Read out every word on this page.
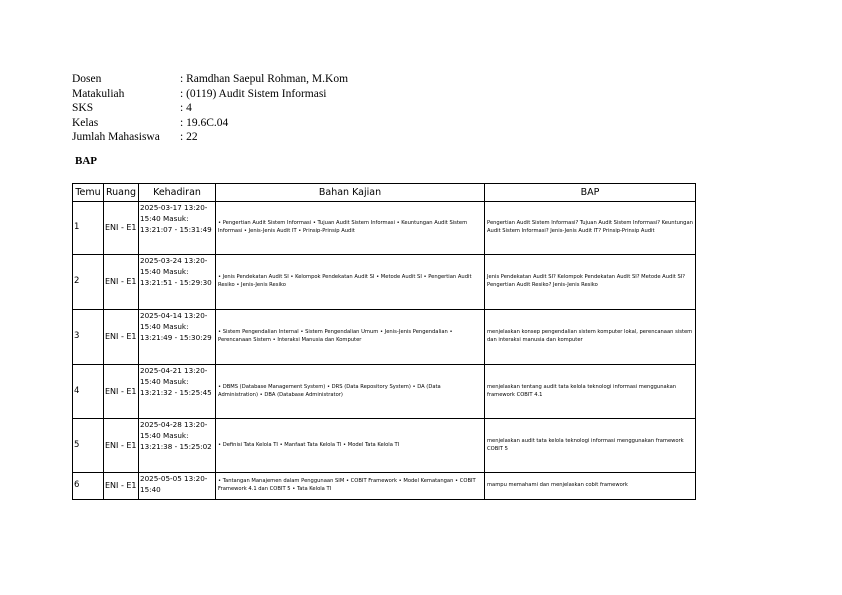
Dosen	: Ramdhan Saepul Rohman, M.Kom
Matakuliah	: (0119) Audit Sistem Informasi
SKS	: 4
Kelas	: 19.6C.04
Jumlah Mahasiswa	: 22
BAP
Temu	Ruang	Kehadiran	Bahan Kajian	BAP
1	ENI - E1	2025-03-17 13:20-15:40 Masuk: 13:21:07 - 15:31:49	• Pengertian Audit Sistem Informasi • Tujuan Audit Sistem Informasi • Keuntungan Audit Sistem Informasi • Jenis-Jenis Audit IT • Prinsip-Prinsip Audit	Pengertian Audit Sistem Informasi? Tujuan Audit Sistem Informasi? Keuntungan Audit Sistem Informasi? Jenis-Jenis Audit IT? Prinsip-Prinsip Audit
2	ENI - E1	2025-03-24 13:20-15:40 Masuk: 13:21:51 - 15:29:30	• Jenis Pendekatan Audit SI • Kelompok Pendekatan Audit SI • Metode Audit SI • Pengertian Audit Resiko • Jenis-Jenis Resiko	Jenis Pendekatan Audit SI? Kelompok Pendekatan Audit SI? Metode Audit SI? Pengertian Audit Resiko? Jenis-Jenis Resiko
3	ENI - E1	2025-04-14 13:20-15:40 Masuk: 13:21:49 - 15:30:29	• Sistem Pengendalian Internal • Sistem Pengendalian Umum • Jenis-Jenis Pengendalian • Perencanaan Sistem • Interaksi Manusia dan Komputer	menjelaskan konsep pengendalian sistem komputer lokal, perencanaan sistem dan interaksi manusia dan komputer
4	ENI - E1	2025-04-21 13:20-15:40 Masuk: 13:21:32 - 15:25:45	• DBMS (Database Management System) • DRS (Data Repository System) • DA (Data Administration) • DBA (Database Administrator)	menjelaskan tentang audit tata kelola teknologi informasi menggunakan framework COBIT 4.1
5	ENI - E1	2025-04-28 13:20-15:40 Masuk: 13:21:38 - 15:25:02	• Definisi Tata Kelola TI • Manfaat Tata Kelola TI • Model Tata Kelola TI	menjelaskan audit tata kelola teknologi informasi menggunakan framework COBIT 5
6	ENI - E1	2025-05-05 13:20-15:40	• Tantangan Manajemen dalam Penggunaan SIM • COBIT Framework • Model Kematangan • COBIT Framework 4.1 dan COBIT 5 • Tata Kelola TI	mampu memahami dan menjelaskan cobit framework
